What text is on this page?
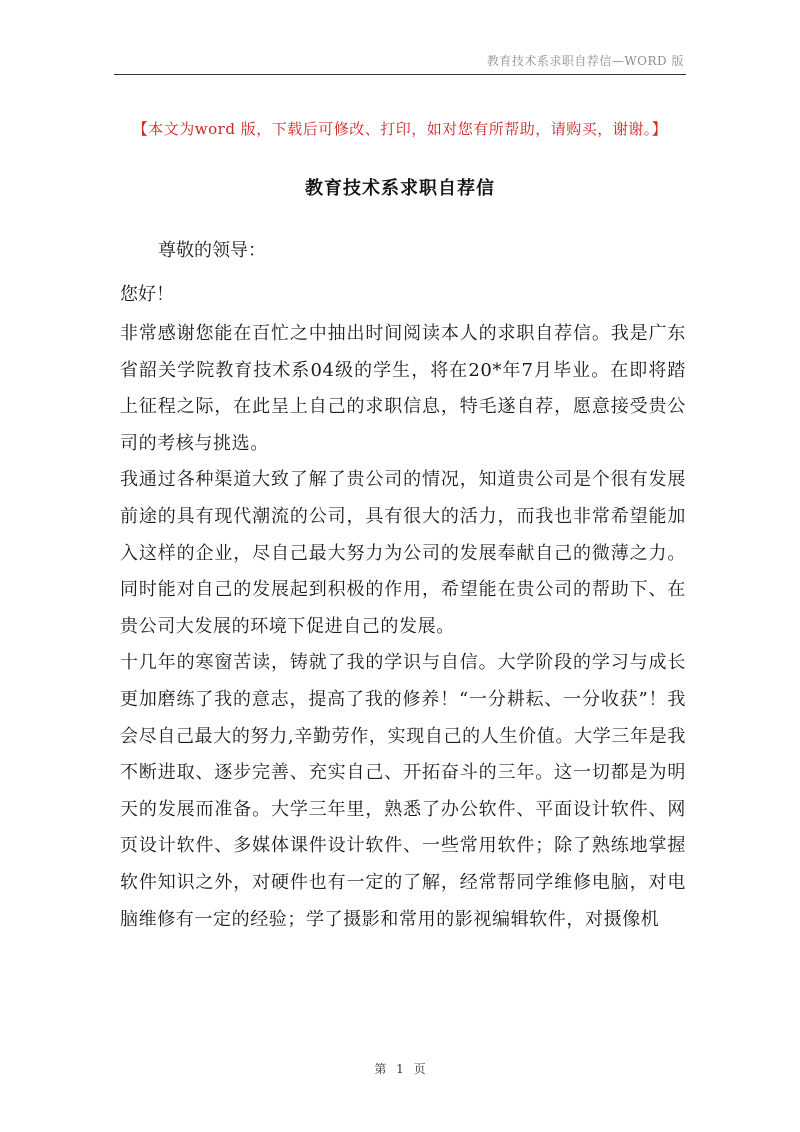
教育技术系求职自荐信—WORD 版
【本文为word 版，下载后可修改、打印，如对您有所帮助，请购买，谢谢。】
教育技术系求职自荐信
尊敬的领导：
您好！

非常感谢您能在百忙之中抽出时间阅读本人的求职自荐信。我是广东省韶关学院教育技术系04级的学生，将在20*年7月毕业。在即将踏上征程之际，在此呈上自己的求职信息，特毛遂自荐，愿意接受贵公司的考核与挑选。

我通过各种渠道大致了解了贵公司的情况，知道贵公司是个很有发展前途的具有现代潮流的公司，具有很大的活力，而我也非常希望能加入这样的企业，尽自己最大努力为公司的发展奉献自己的微薄之力。同时能对自己的发展起到积极的作用，希望能在贵公司的帮助下、在贵公司大发展的环境下促进自己的发展。

十几年的寒窗苦读，铸就了我的学识与自信。大学阶段的学习与成长更加磨练了我的意志，提高了我的修养！“一分耕耘、一分收获”！我会尽自己最大的努力,辛勤劳作，实现自己的人生价值。大学三年是我不断进取、逐步完善、充实自己、开拓奋斗的三年。这一切都是为明天的发展而准备。大学三年里，熟悉了办公软件、平面设计软件、网页设计软件、多媒体课件设计软件、一些常用软件；除了熟练地掌握软件知识之外，对硬件也有一定的了解，经常帮同学维修电脑，对电脑维修有一定的经验；学了摄影和常用的影视编辑软件，对摄像机

第 1 页
